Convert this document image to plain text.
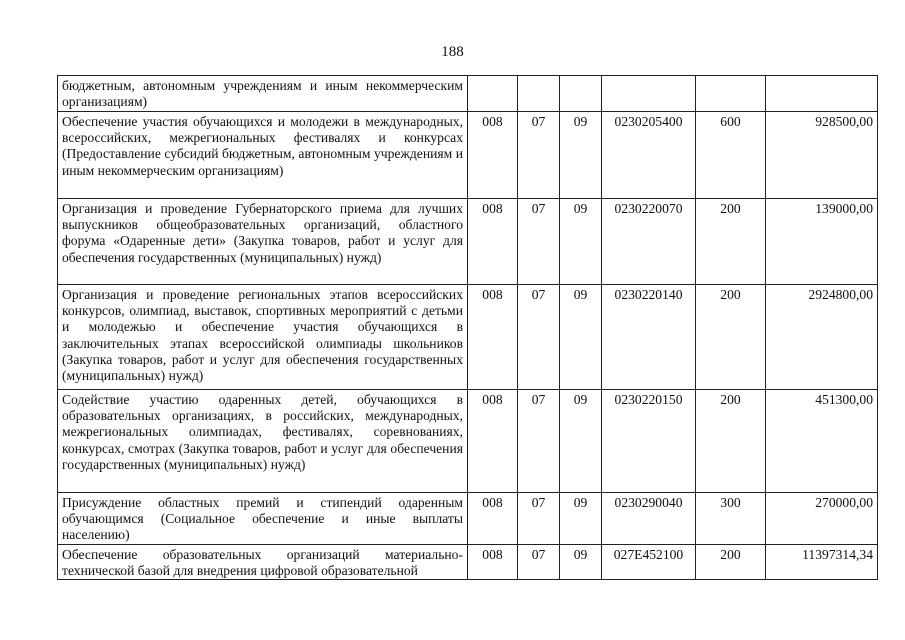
188
бюджетным, автономным учреждениям и иным некоммерческим организациям)						
Обеспечение участия обучающихся и молодежи в международных, всероссийских, межрегиональных фестивалях и конкурсах (Предоставление субсидий бюджетным, автономным учреждениям и иным некоммерческим организациям)	008	07	09	0230205400	600	928500,00
Организация и проведение Губернаторского приема для лучших выпускников общеобразовательных организаций, областного форума «Одаренные дети» (Закупка товаров, работ и услуг для обеспечения государственных (муниципальных) нужд)	008	07	09	0230220070	200	139000,00
Организация и проведение региональных этапов всероссийских конкурсов, олимпиад, выставок, спортивных мероприятий с детьми и молодежью и обеспечение участия обучающихся в заключительных этапах всероссийской олимпиады школьников (Закупка товаров, работ и услуг для обеспечения государственных (муниципальных) нужд)	008	07	09	0230220140	200	2924800,00
Содействие участию одаренных детей, обучающихся в образовательных организациях, в российских, международных, межрегиональных олимпиадах, фестивалях, соревнованиях, конкурсах, смотрах (Закупка товаров, работ и услуг для обеспечения государственных (муниципальных) нужд)	008	07	09	0230220150	200	451300,00
Присуждение областных премий и стипендий одаренным обучающимся (Социальное обеспечение и иные выплаты населению)	008	07	09	0230290040	300	270000,00
Обеспечение образовательных организаций материально-технической базой для внедрения цифровой образовательной	008	07	09	027E452100	200	11397314,34
